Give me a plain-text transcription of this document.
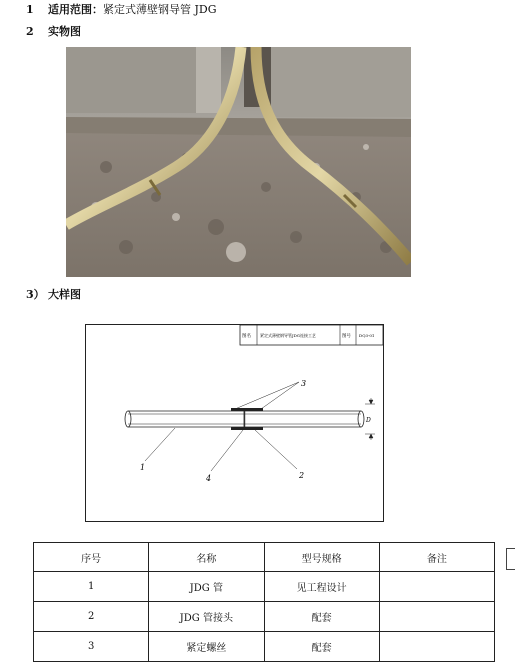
1 适用范围：紧定式薄壁钢导管 JDG
2 实物图
3） 大样图
图名 紧定式薄壁钢导管JDG连接工艺	图号 DQ3-01
D
3
1
2
4
序号	名称	型号规格	备注
1	JDG 管	见工程设计	
2	JDG 管接头	配套	
3	紧定螺丝	配套	
